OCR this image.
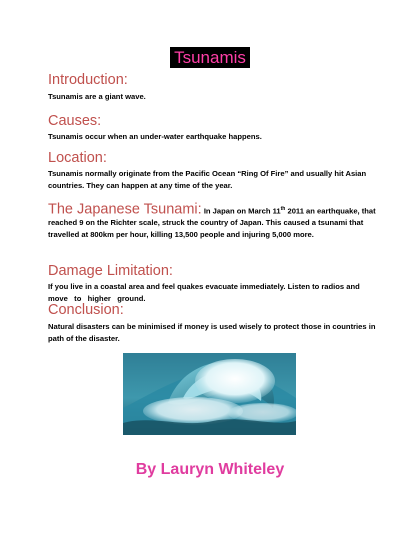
Tsunamis
Introduction:
Tsunamis are a giant wave.
Causes:
Tsunamis occur when an under-water earthquake happens.
Location:
Tsunamis normally originate from the Pacific Ocean “Ring Of Fire” and usually hit Asian countries. They can happen at any time of the year.
The Japanese Tsunami: In Japan on March 11th 2011 an earthquake, that reached 9 on the Richter scale, struck the country of Japan. This caused a tsunami that travelled at 800km per hour, killing 13,500 people and injuring 5,000 more.
Damage Limitation:
If you live in a coastal area and feel quakes evacuate immediately. Listen to radios and move   to   higher   ground.
Conclusion:
Natural disasters can be minimised if money is used wisely to protect those in countries in path of the disaster.
By Lauryn Whiteley
